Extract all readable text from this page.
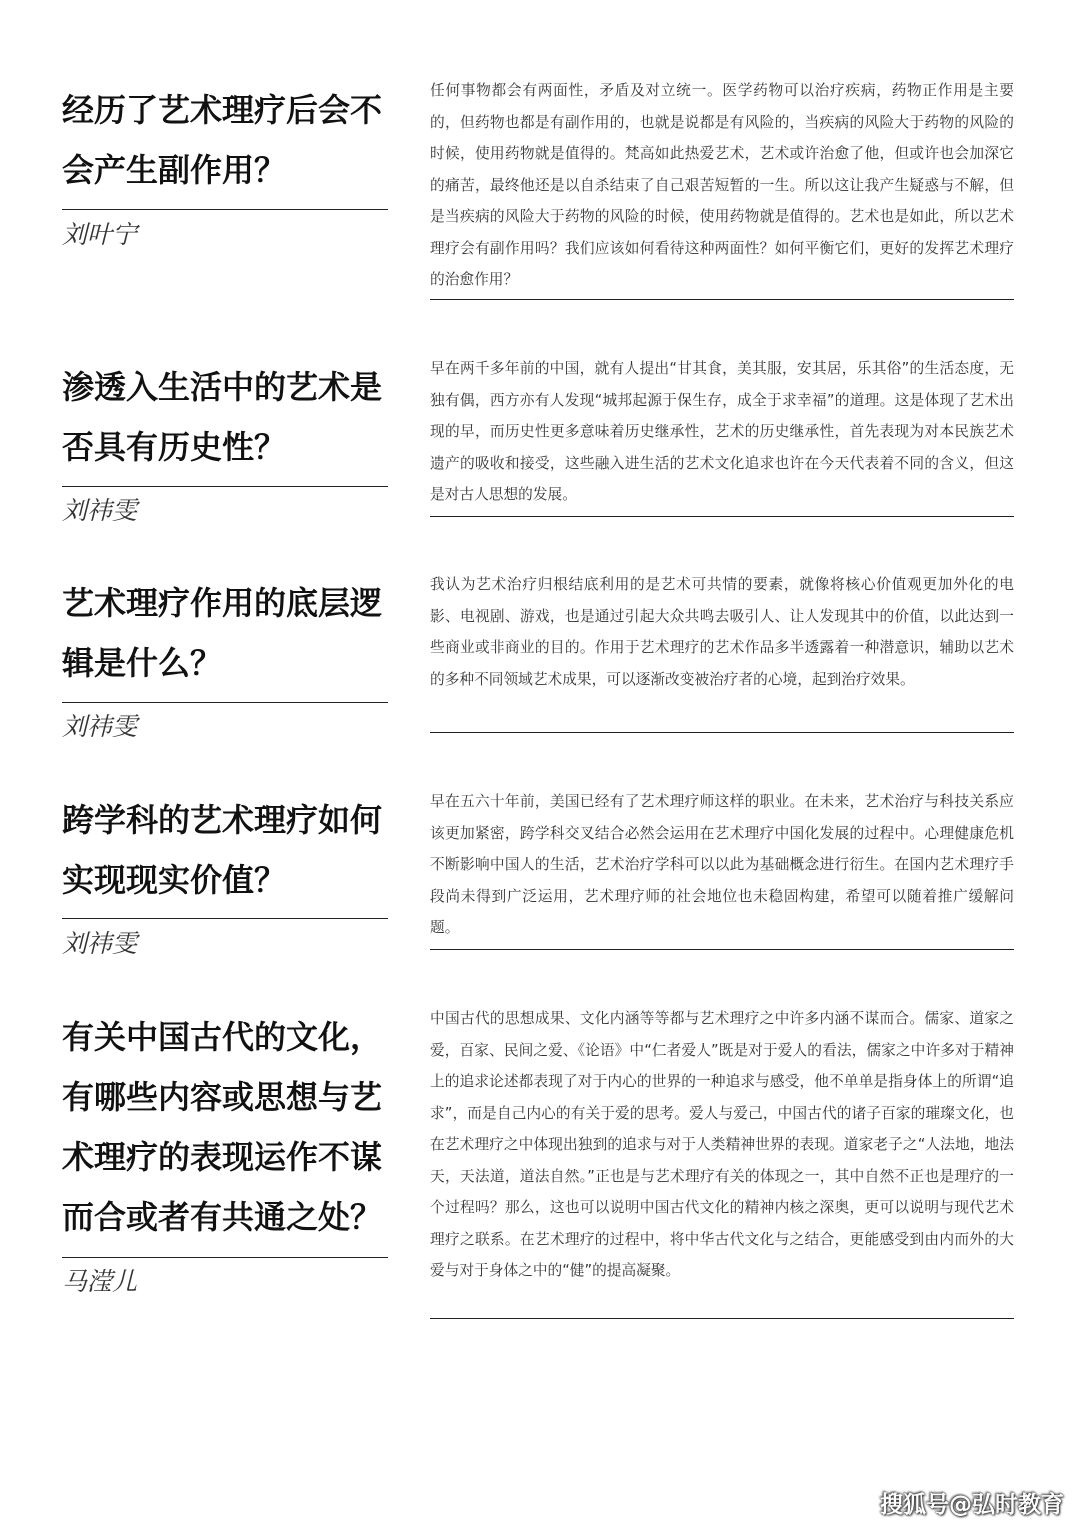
经历了艺术理疗后会不会产生副作用？
刘叶宁
任何事物都会有两面性，矛盾及对立统一。医学药物可以治疗疾病，药物正作用是主要的，但药物也都是有副作用的，也就是说都是有风险的，当疾病的风险大于药物的风险的时候，使用药物就是值得的。梵高如此热爱艺术，艺术或许治愈了他，但或许也会加深它的痛苦，最终他还是以自杀结束了自己艰苦短暂的一生。所以这让我产生疑惑与不解，但是当疾病的风险大于药物的风险的时候，使用药物就是值得的。艺术也是如此，所以艺术理疗会有副作用吗？我们应该如何看待这种两面性？如何平衡它们，更好的发挥艺术理疗的治愈作用？
渗透入生活中的艺术是否具有历史性？
刘祎雯
早在两千多年前的中国，就有人提出“甘其食，美其服，安其居，乐其俗”的生活态度，无独有偶，西方亦有人发现“城邦起源于保生存，成全于求幸福”的道理。这是体现了艺术出现的早，而历史性更多意味着历史继承性，艺术的历史继承性，首先表现为对本民族艺术遗产的吸收和接受，这些融入进生活的艺术文化追求也许在今天代表着不同的含义，但这是对古人思想的发展。
艺术理疗作用的底层逻辑是什么？
刘祎雯
我认为艺术治疗归根结底利用的是艺术可共情的要素，就像将核心价值观更加外化的电影、电视剧、游戏，也是通过引起大众共鸣去吸引人、让人发现其中的价值，以此达到一些商业或非商业的目的。作用于艺术理疗的艺术作品多半透露着一种潜意识，辅助以艺术的多种不同领域艺术成果，可以逐渐改变被治疗者的心境，起到治疗效果。
跨学科的艺术理疗如何实现现实价值？
刘祎雯
早在五六十年前，美国已经有了艺术理疗师这样的职业。在未来，艺术治疗与科技关系应该更加紧密，跨学科交叉结合必然会运用在艺术理疗中国化发展的过程中。心理健康危机不断影响中国人的生活，艺术治疗学科可以以此为基础概念进行衍生。在国内艺术理疗手段尚未得到广泛运用，艺术理疗师的社会地位也未稳固构建，希望可以随着推广缓解问题。
有关中国古代的文化，有哪些内容或思想与艺术理疗的表现运作不谋而合或者有共通之处？
马滢儿
中国古代的思想成果、文化内涵等等都与艺术理疗之中许多内涵不谋而合。儒家、道家之爱，百家、民间之爱、《论语》中“仁者爱人”既是对于爱人的看法，儒家之中许多对于精神上的追求论述都表现了对于内心的世界的一种追求与感受，他不单单是指身体上的所谓“追求”，而是自己内心的有关于爱的思考。爱人与爱己，中国古代的诸子百家的璀璨文化，也在艺术理疗之中体现出独到的追求与对于人类精神世界的表现。道家老子之“人法地，地法天，天法道，道法自然。”正也是与艺术理疗有关的体现之一，其中自然不正也是理疗的一个过程吗？那么，这也可以说明中国古代文化的精神内核之深奥，更可以说明与现代艺术理疗之联系。在艺术理疗的过程中，将中华古代文化与之结合，更能感受到由内而外的大爱与对于身体之中的“健”的提高凝聚。
搜狐号@弘时教育
